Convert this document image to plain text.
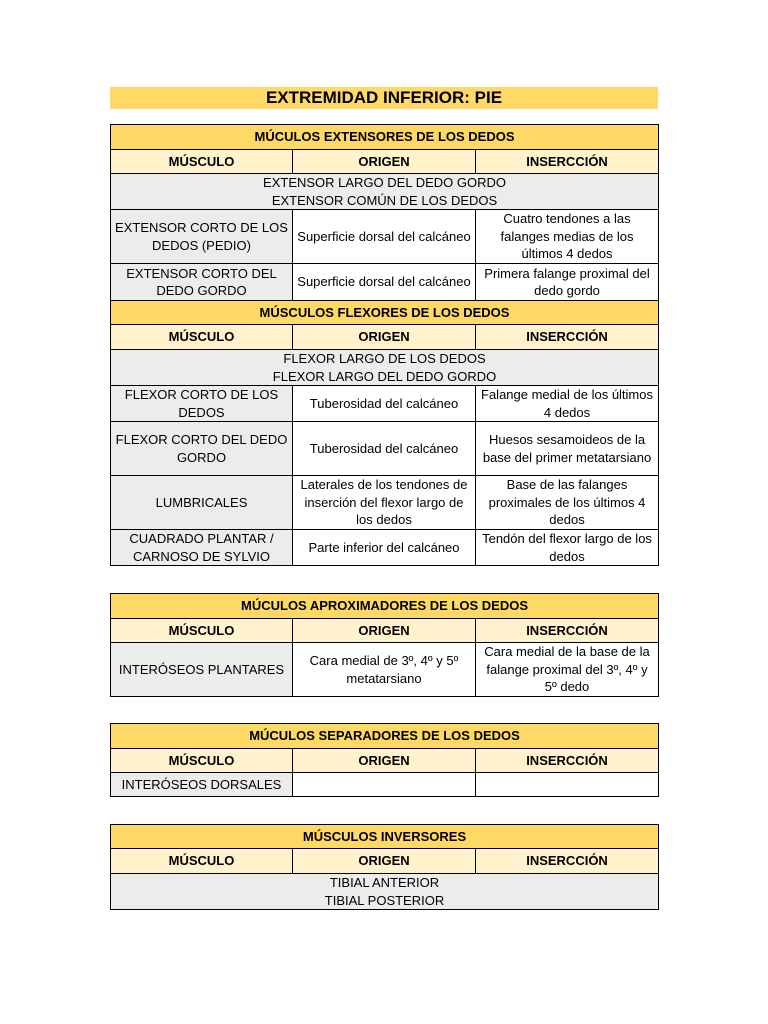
EXTREMIDAD INFERIOR: PIE
MÚCULOS EXTENSORES DE LOS DEDOS		
MÚSCULO	ORIGEN	INSERCCIÓN

EXTENSOR LARGO DEL DEDO GORDO
EXTENSOR COMÚN DE LOS DEDOS		

EXTENSOR CORTO DE LOS DEDOS (PEDIO)	Superficie dorsal del calcáneo	Cuatro tendones a las falanges medias de los últimos 4 dedos
EXTENSOR CORTO DEL DEDO GORDO	Superficie dorsal del calcáneo	Primera falange proximal del dedo gordo
MÚSCULOS FLEXORES DE LOS DEDOS		
MÚSCULO	ORIGEN	INSERCCIÓN

FLEXOR LARGO DE LOS DEDOS
FLEXOR LARGO DEL DEDO GORDO		

FLEXOR CORTO DE LOS DEDOS	Tuberosidad del calcáneo	Falange medial de los últimos 4 dedos
FLEXOR CORTO DEL DEDO GORDO	Tuberosidad del calcáneo	Huesos sesamoideos de la base del primer metatarsiano
LUMBRICALES	Laterales de los tendones de inserción del flexor largo de los dedos	Base de las falanges proximales de los últimos 4 dedos
CUADRADO PLANTAR / CARNOSO DE SYLVIO	Parte inferior del calcáneo	Tendón del flexor largo de los dedos
MÚCULOS APROXIMADORES DE LOS DEDOS		
MÚSCULO	ORIGEN	INSERCCIÓN
INTERÓSEOS PLANTARES	Cara medial de 3º, 4º y 5º metatarsiano	Cara medial de la base de la falange proximal del 3º, 4º y 5º dedo
MÚCULOS SEPARADORES DE LOS DEDOS		
MÚSCULO	ORIGEN	INSERCCIÓN
INTERÓSEOS DORSALES		
MÚSCULOS INVERSORES
MÚSCULO	ORIGEN	INSERCCIÓN

TIBIAL ANTERIOR
TIBIAL POSTERIOR
